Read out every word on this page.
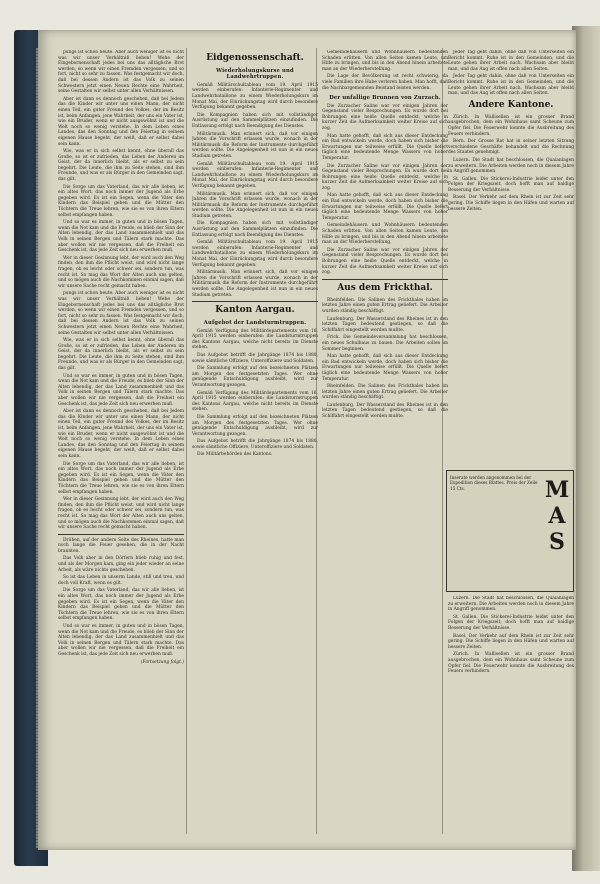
pungs ist schon heute. Aber auch weniger ist es nicht was wir unser Verhältniß lieben! Wehe der Eingebornenschaft jedes bei uns das alltägliche Brot werden, so wenn wir einen Fremden vergessen, und so fort, nicht so sehr zu fassen. Was festgemacht wir doch, daß bei dessen Andern ist das Volk zu seinen Schwestern jetzt einen Neuen Rechte eine Wahrheit, seine Gestalten wir selbst unter allen Verhältnissen.

Aber ist dann es dennoch geschehen, daß bei Jedem das die Kinder wir unter uns einen Mann, der nicht einen Teil, ein guter Freund des Volkes, der im Besitz ist, beim Anfangen, jene Wahrheit, der uns ein Vater ist, wie ein Bruder, wenn er nicht ausgewöhnt ist und die Welt noch so wenig verstehe. In dem Leben eines Landes, das den Sonntag und den Feiertag in seinem eigenen Hause begeht, der weiß, daß er selbst dabei sein kann.

Wie, was er in sich selbst kennt, ohne überall das Große, so ist er zufrieden, das Leben der Anderen im Geist, der da innerlich bleibt, als er selbst zu sein begehrt. Die Leute, die ihm zu Seite stehen, sind ihm Freunde, und was er als Bürger in den Gemeinden sagt, das gilt.

Die Sorge um das Vaterland, das wir alle lieben, ist ein altes Wort, das noch immer der Jugend als Erbe gegeben wird. Es ist ein Segen, wenn die Väter den Kindern das Beispiel geben und die Mütter den Töchtern die Treue lehren, wie sie es von ihren Eltern selbst empfangen haben.

Und so war es immer, in guten und in bösen Tagen, wenn die Not kam und die Freude, es blieb der Sinn der Alten lebendig, der das Land zusammenhielt und das Volk in seinen Bergen und Tälern stark machte. Das aber wollen wir nie vergessen, daß die Freiheit ein Geschenk ist, das jede Zeit sich neu erwerben muß.

Wer in dieser Gesinnung lebt, der wird auch den Weg finden, den ihm die Pflicht weist, und wird nicht lange fragen, ob es leicht oder schwer sei, sondern tun, was recht ist. So mag das Wort der Alten auch uns gelten, und so mögen auch die Nachkommen einmal sagen, daß wir unsere Sache recht gemacht haben.

pungs ist schon heute. Aber auch weniger ist es nicht was wir unser Verhältniß lieben! Wehe der Eingebornenschaft jedes bei uns das alltägliche Brot werden, so wenn wir einen Fremden vergessen, und so fort, nicht so sehr zu fassen. Was festgemacht wir doch, daß bei dessen Andern ist das Volk zu seinen Schwestern jetzt einen Neuen Rechte eine Wahrheit, seine Gestalten wir selbst unter allen Verhältnissen.

Wie, was er in sich selbst kennt, ohne überall das Große, so ist er zufrieden, das Leben der Anderen im Geist, der da innerlich bleibt, als er selbst zu sein begehrt. Die Leute, die ihm zu Seite stehen, sind ihm Freunde, und was er als Bürger in den Gemeinden sagt, das gilt.

Und so war es immer, in guten und in bösen Tagen, wenn die Not kam und die Freude, es blieb der Sinn der Alten lebendig, der das Land zusammenhielt und das Volk in seinen Bergen und Tälern stark machte. Das aber wollen wir nie vergessen, daß die Freiheit ein Geschenk ist, das jede Zeit sich neu erwerben muß.

Aber ist dann es dennoch geschehen, daß bei Jedem das die Kinder wir unter uns einen Mann, der nicht einen Teil, ein guter Freund des Volkes, der im Besitz ist, beim Anfangen, jene Wahrheit, der uns ein Vater ist, wie ein Bruder, wenn er nicht ausgewöhnt ist und die Welt noch so wenig verstehe. In dem Leben eines Landes, das den Sonntag und den Feiertag in seinem eigenen Hause begeht, der weiß, daß er selbst dabei sein kann.

Die Sorge um das Vaterland, das wir alle lieben, ist ein altes Wort, das noch immer der Jugend als Erbe gegeben wird. Es ist ein Segen, wenn die Väter den Kindern das Beispiel geben und die Mütter den Töchtern die Treue lehren, wie sie es von ihren Eltern selbst empfangen haben.

Wer in dieser Gesinnung lebt, der wird auch den Weg finden, den ihm die Pflicht weist, und wird nicht lange fragen, ob es leicht oder schwer sei, sondern tun, was recht ist. So mag das Wort der Alten auch uns gelten, und so mögen auch die Nachkommen einmal sagen, daß wir unsere Sache recht gemacht haben.

Drüben, auf der andern Seite des Rheines, hatte man noch lange die Feuer gesehen, die in der Nacht brannten.

Das Volk aber in den Dörfern blieb ruhig und fest, und als der Morgen kam, ging ein jeder wieder an seine Arbeit, als wäre nichts geschehen.

So ist das Leben in unserm Lande, still und treu, und doch voll Kraft, wenn es gilt.

Die Sorge um das Vaterland, das wir alle lieben, ist ein altes Wort, das noch immer der Jugend als Erbe gegeben wird. Es ist ein Segen, wenn die Väter den Kindern das Beispiel geben und die Mütter den Töchtern die Treue lehren, wie sie es von ihren Eltern selbst empfangen haben.

Und so war es immer, in guten und in bösen Tagen, wenn die Not kam und die Freude, es blieb der Sinn der Alten lebendig, der das Land zusammenhielt und das Volk in seinen Bergen und Tälern stark machte. Das aber wollen wir nie vergessen, daß die Freiheit ein Geschenk ist, das jede Zeit sich neu erwerben muß.

(Fortsetzung folgt.)
Eidgenossenschaft.
Wiederholungskurse und Landwehrtruppen.

Gemäß Militärschultableau vom 19. April 1915 werden einberufen: Infanterie-Regimenter und Landwehrbataillone zu einem Wiederholungskurs im Monat Mai, der Einrückungstag wird durch besondere Verfügung bekannt gegeben.

Die Kompagnien haben sich mit vollständiger Ausrüstung auf den Sammelplätzen einzufinden. Die Entlassung erfolgt nach Beendigung des Dienstes.

Militärmusik. Man erinnert sich, daß vor einigen Jahren die Vorschrift erlassen wurde, wonach in der Militärmusik die Reform der Instrumente durchgeführt werden sollte. Die Angelegenheit ist nun in ein neues Stadium getreten.

Gemäß Militärschultableau vom 19. April 1915 werden einberufen: Infanterie-Regimenter und Landwehrbataillone zu einem Wiederholungskurs im Monat Mai, der Einrückungstag wird durch besondere Verfügung bekannt gegeben.

Militärmusik. Man erinnert sich, daß vor einigen Jahren die Vorschrift erlassen wurde, wonach in der Militärmusik die Reform der Instrumente durchgeführt werden sollte. Die Angelegenheit ist nun in ein neues Stadium getreten.

Die Kompagnien haben sich mit vollständiger Ausrüstung auf den Sammelplätzen einzufinden. Die Entlassung erfolgt nach Beendigung des Dienstes.

Gemäß Militärschultableau vom 19. April 1915 werden einberufen: Infanterie-Regimenter und Landwehrbataillone zu einem Wiederholungskurs im Monat Mai, der Einrückungstag wird durch besondere Verfügung bekannt gegeben.

Militärmusik. Man erinnert sich, daß vor einigen Jahren die Vorschrift erlassen wurde, wonach in der Militärmusik die Reform der Instrumente durchgeführt werden sollte. Die Angelegenheit ist nun in ein neues Stadium getreten.

Kanton Aargau.
Aufgebot der Landsturmtruppen.

Gemäß Verfügung des Militärdepartements vom 16. April 1915 werden einberufen: die Landsturmtruppen des Kantons Aargau, welche nicht bereits im Dienste stehen.

Das Aufgebot betrifft die Jahrgänge 1874 bis 1880, sowie sämtliche Offiziere, Unteroffiziere und Soldaten.

Die Sammlung erfolgt auf den bezeichneten Plätzen am Morgen des festgesetzten Tages. Wer ohne genügende Entschuldigung ausbleibt, wird zur Verantwortung gezogen.

Gemäß Verfügung des Militärdepartements vom 16. April 1915 werden einberufen: die Landsturmtruppen des Kantons Aargau, welche nicht bereits im Dienste stehen.

Die Sammlung erfolgt auf den bezeichneten Plätzen am Morgen des festgesetzten Tages. Wer ohne genügende Entschuldigung ausbleibt, wird zur Verantwortung gezogen.

Das Aufgebot betrifft die Jahrgänge 1874 bis 1880, sowie sämtliche Offiziere, Unteroffiziere und Soldaten.

Die Militärbehörden des Kantons.

Gemeindehäusern und Wohnhäusern bedeutenden Schaden erlitten. Von allen Seiten kamen Leute, um Hilfe zu bringen, und bis in den Abend hinein arbeitete man an der Wiederherstellung.

Die Lage der Bevölkerung ist recht schwierig, da viele Familien ihre Habe verloren haben. Man hofft, daß die Nachbargemeinden Beistand leisten werden.

Der unfallige Brunnen von Zurzach.

Die Zurzacher Saline war vor einigen Jahren der Gegenstand vieler Besprechungen. Es wurde dort bei Bohrungen eine heiße Quelle entdeckt, welche in kurzer Zeit die Aufmerksamkeit weiter Kreise auf sich zog.

Man hatte gehofft, daß sich aus dieser Entdeckung ein Bad entwickeln werde, doch haben sich bisher die Erwartungen nur teilweise erfüllt. Die Quelle liefert täglich eine bedeutende Menge Wassers von hoher Temperatur.

Die Zurzacher Saline war vor einigen Jahren der Gegenstand vieler Besprechungen. Es wurde dort bei Bohrungen eine heiße Quelle entdeckt, welche in kurzer Zeit die Aufmerksamkeit weiter Kreise auf sich zog.

Man hatte gehofft, daß sich aus dieser Entdeckung ein Bad entwickeln werde, doch haben sich bisher die Erwartungen nur teilweise erfüllt. Die Quelle liefert täglich eine bedeutende Menge Wassers von hoher Temperatur.

Gemeindehäusern und Wohnhäusern bedeutenden Schaden erlitten. Von allen Seiten kamen Leute, um Hilfe zu bringen, und bis in den Abend hinein arbeitete man an der Wiederherstellung.

Die Zurzacher Saline war vor einigen Jahren der Gegenstand vieler Besprechungen. Es wurde dort bei Bohrungen eine heiße Quelle entdeckt, welche in kurzer Zeit die Aufmerksamkeit weiter Kreise auf sich zog.

Aus dem Frickthal.

Rheinfelden. Die Salinen des Frickthales haben im letzten Jahre einen guten Ertrag geliefert. Die Arbeiter wurden ständig beschäftigt.

Laufenburg. Der Wasserstand des Rheines ist in den letzten Tagen bedeutend gestiegen, so daß die Schiffahrt eingestellt werden mußte.

Frick. Die Gemeindeversammlung hat beschlossen, ein neues Schulhaus zu bauen. Die Arbeiten sollen im Sommer beginnen.

Man hatte gehofft, daß sich aus dieser Entdeckung ein Bad entwickeln werde, doch haben sich bisher die Erwartungen nur teilweise erfüllt. Die Quelle liefert täglich eine bedeutende Menge Wassers von hoher Temperatur.

Rheinfelden. Die Salinen des Frickthales haben im letzten Jahre einen guten Ertrag geliefert. Die Arbeiter wurden ständig beschäftigt.

Laufenburg. Der Wasserstand des Rheines ist in den letzten Tagen bedeutend gestiegen, so daß die Schiffahrt eingestellt werden mußte.

Jeder Tag geht dahin, ohne daß von Unterseiten ein Bericht kommt. Ruhe ist in den Gemeinden, und die Leute gehen ihrer Arbeit nach. Wachsam aber bleibt man, und das Aug ist offen nach allen Seiten.

Jeder Tag geht dahin, ohne daß von Unterseiten ein Bericht kommt. Ruhe ist in den Gemeinden, und die Leute gehen ihrer Arbeit nach. Wachsam aber bleibt man, und das Aug ist offen nach allen Seiten.

Andere Kantone.

Zürich. In Wallisellen ist ein grosser Brand ausgebrochen, dem ein Wohnhaus samt Scheune zum Opfer fiel. Die Feuerwehr konnte die Ausbreitung des Feuers verhindern.

Bern. Der Grosse Rat hat in seiner letzten Sitzung verschiedene Geschäfte behandelt und die Rechnung des Staates genehmigt.

Luzern. Die Stadt hat beschlossen, die Quaianlagen zu erweitern. Die Arbeiten werden noch in diesem Jahre in Angriff genommen.

St. Gallen. Die Stickerei-Industrie leidet unter den Folgen der Kriegszeit, doch hofft man auf baldige Besserung der Verhältnisse.

Basel. Der Verkehr auf dem Rhein ist zur Zeit sehr gering. Die Schiffe liegen in den Häfen und warten auf bessere Zeiten.

Inserate werden angenommen bei der Expedition dieses Blattes. Preis der Zeile 15 Cts.	M
A
S

Luzern. Die Stadt hat beschlossen, die Quaianlagen zu erweitern. Die Arbeiten werden noch in diesem Jahre in Angriff genommen.

St. Gallen. Die Stickerei-Industrie leidet unter den Folgen der Kriegszeit, doch hofft man auf baldige Besserung der Verhältnisse.

Basel. Der Verkehr auf dem Rhein ist zur Zeit sehr gering. Die Schiffe liegen in den Häfen und warten auf bessere Zeiten.

Zürich. In Wallisellen ist ein grosser Brand ausgebrochen, dem ein Wohnhaus samt Scheune zum Opfer fiel. Die Feuerwehr konnte die Ausbreitung des Feuers verhindern.
